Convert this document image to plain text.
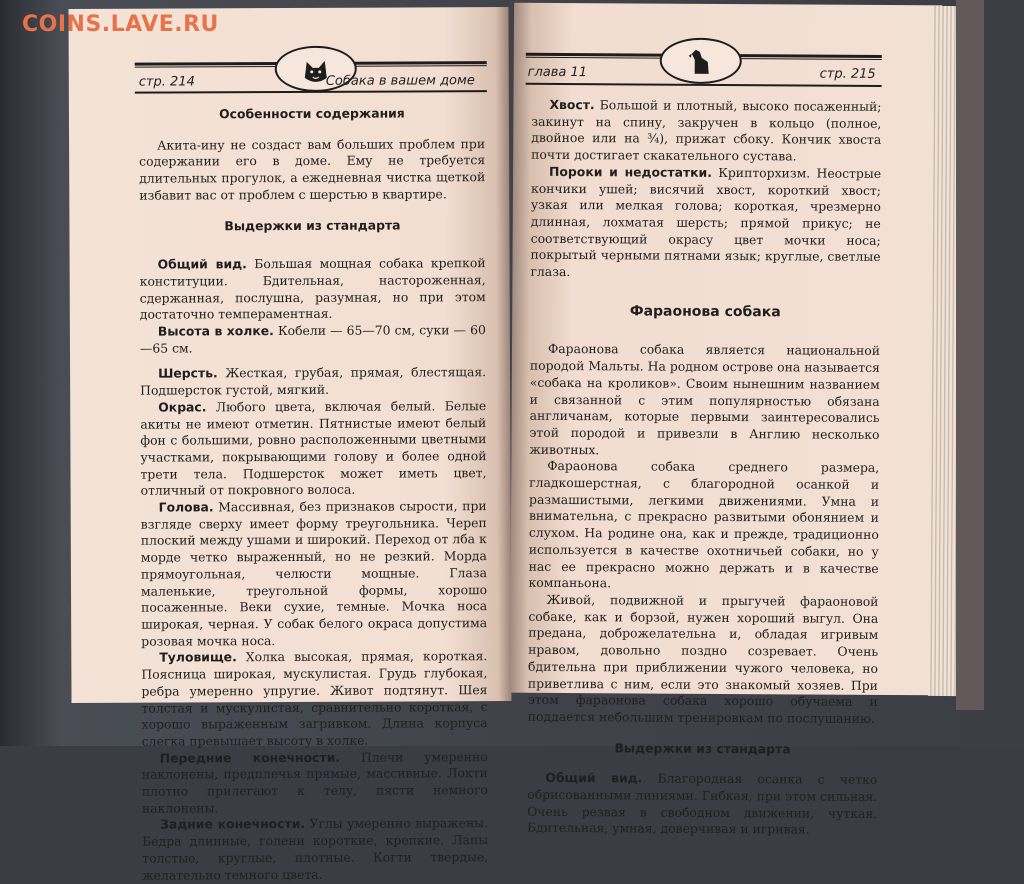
COINS.LAVE.RU
стр. 214	Собака в вашем доме
Особенности содержания

Акита-ину не создаст вам больших проблем при содержании его в доме. Ему не требуется длительных прогулок, а ежедневная чистка щеткой избавит вас от проблем с шерстью в квартире.

Выдержки из стандарта

Общий вид. Большая мощная собака крепкой конституции. Бдительная, настороженная, сдержанная, послушна, разумная, но при этом достаточно темпераментная.

Высота в холке. Кобели — 65—70 см, суки — 60—65 см.

Шерсть. Жесткая, грубая, прямая, блестящая. Подшерсток густой, мягкий.

Окрас. Любого цвета, включая белый. Белые акиты не имеют отметин. Пятнистые имеют белый фон с большими, ровно расположенными цветными участками, покрывающими голову и более одной трети тела. Подшерсток может иметь цвет, отличный от покровного волоса.

Голова. Массивная, без признаков сырости, при взгляде сверху имеет форму треугольника. Череп плоский между ушами и широкий. Переход от лба к морде четко выраженный, но не резкий. Морда прямоугольная, челюсти мощные. Глаза маленькие, треугольной формы, хорошо посаженные. Веки сухие, темные. Мочка носа широкая, черная. У собак белого окраса допустима розовая мочка носа.

Туловище. Холка высокая, прямая, короткая. Поясница широкая, мускулистая. Грудь глубокая, ребра умеренно упругие. Живот подтянут. Шея толстая и мускулистая, сравнительно короткая, с хорошо выраженным загривком. Длина корпуса слегка превышает высоту в холке.

Передние конечности. Плечи умеренно наклонены, предплечья прямые, массивные. Локти плотно прилегают к телу, пясти немного наклонены.

Задние конечности. Углы умеренно выражены. Бедра длинные, голени короткие, крепкие. Лапы толстые, круглые, плотные. Когти твердые, желательно темного цвета.

глава 11	стр. 215

Хвост. Большой и плотный, высоко посаженный; закинут на спину, закручен в кольцо (полное, двойное или на ¾), прижат сбоку. Кончик хвоста почти достигает скакательного сустава.

Пороки и недостатки. Крипторхизм. Неострые кончики ушей; висячий хвост, короткий хвост; узкая или мелкая голова; короткая, чрезмерно длинная, лохматая шерсть; прямой прикус; не соответствующий окрасу цвет мочки носа; покрытый черными пятнами язык; круглые, светлые глаза.

Фараонова собака

Фараонова собака является национальной породой Мальты. На родном острове она называется «собака на кроликов». Своим нынешним названием и связанной с этим популярностью обязана англичанам, которые первыми заинтересовались этой породой и привезли в Англию несколько животных.

Фараонова собака среднего размера, гладкошерстная, с благородной осанкой и размашистыми, легкими движениями. Умна и внимательна, с прекрасно развитыми обонянием и слухом. На родине она, как и прежде, традиционно используется в качестве охотничьей собаки, но у нас ее прекрасно можно держать и в качестве компаньона.

Живой, подвижной и прыгучей фараоновой собаке, как и борзой, нужен хороший выгул. Она предана, доброжелательна и, обладая игривым нравом, довольно поздно созревает. Очень бдительна при приближении чужого человека, но приветлива с ним, если это знакомый хозяев. При этом фараонова собака хорошо обучаема и поддается небольшим тренировкам по послушанию.

Выдержки из стандарта

Общий вид. Благородная осанка с четко обрисованными линиями. Гибкая, при этом сильная. Очень резвая в свободном движении, чуткая. Бдительная, умная, доверчивая и игривая.
